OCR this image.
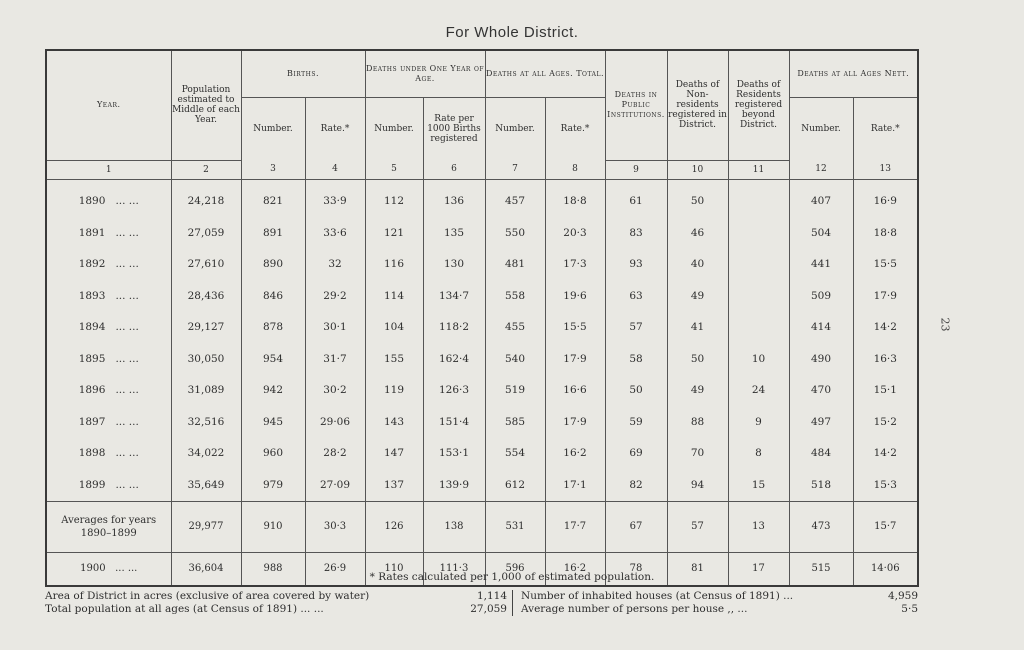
For Whole District.
23
Year.	Population estimated to Middle of each Year.	Births.		Deaths under One Year of Age.		Deaths at all Ages. Total.		Deaths in Public Institutions.	Deaths of Non-residents registered in District.	Deaths of Residents registered beyond District.	Deaths at all Ages Nett.	
		Number.	Rate.*	Number.	Rate per 1000 Births registered	Number.	Rate.*				Number.	Rate.*
1	2	3	4	5	6	7	8	9	10	11	12	13
1890 ... ...	24,218	821	33·9	112	136	457	18·8	61	50		407	16·9
1891 ... ...	27,059	891	33·6	121	135	550	20·3	83	46		504	18·8
1892 ... ...	27,610	890	32	116	130	481	17·3	93	40		441	15·5
1893 ... ...	28,436	846	29·2	114	134·7	558	19·6	63	49		509	17·9
1894 ... ...	29,127	878	30·1	104	118·2	455	15·5	57	41		414	14·2
1895 ... ...	30,050	954	31·7	155	162·4	540	17·9	58	50	10	490	16·3
1896 ... ...	31,089	942	30·2	119	126·3	519	16·6	50	49	24	470	15·1
1897 ... ...	32,516	945	29·06	143	151·4	585	17·9	59	88	9	497	15·2
1898 ... ...	34,022	960	28·2	147	153·1	554	16·2	69	70	8	484	14·2
1899 ... ...	35,649	979	27·09	137	139·9	612	17·1	82	94	15	518	15·3
Averages for years 1890–1899	29,977	910	30·3	126	138	531	17·7	67	57	13	473	15·7
1900 ... ...	36,604	988	26·9	110	111·3	596	16·2	78	81	17	515	14·06
* Rates calculated per 1,000 of estimated population.
Area of District in acres (exclusive of area covered by water)	1,114
Total population at all ages (at Census of 1891) ... ...	27,059
Number of inhabited houses (at Census of 1891) ...	4,959
Average number of persons per house ,, ...	5·5
